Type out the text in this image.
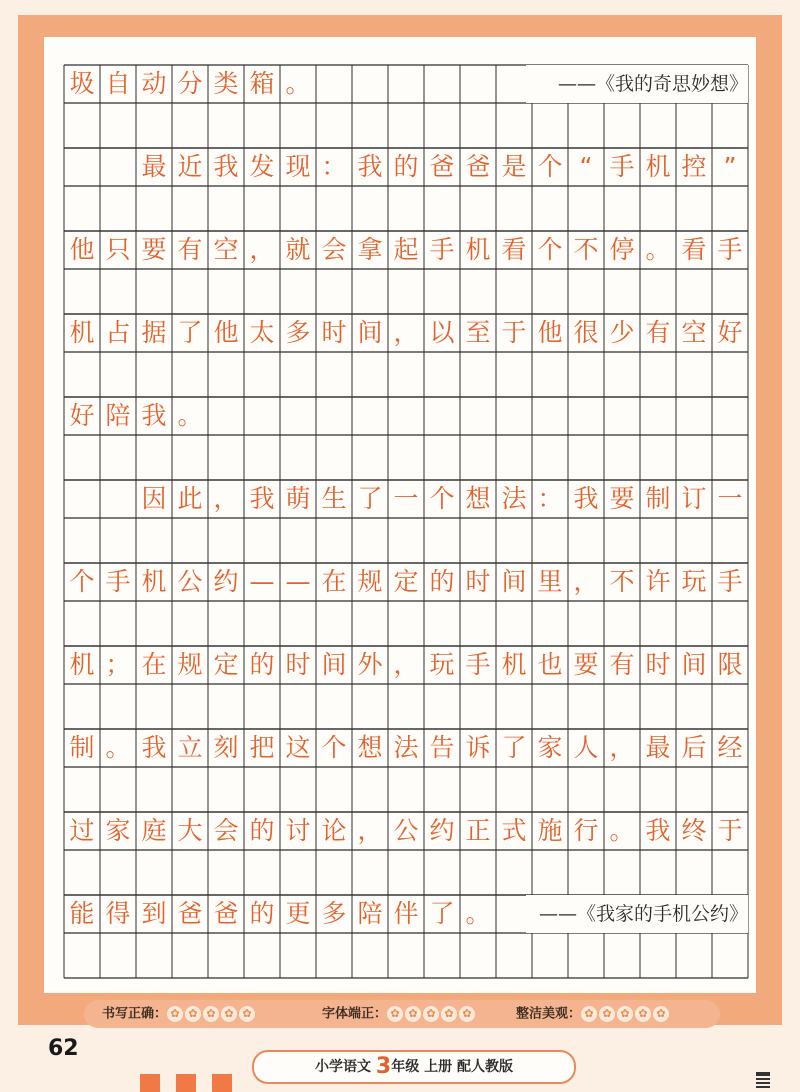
圾 自 动 分 类 箱 。
最 近 我 发 现 ： 我 的 爸 爸 是 个 “ 手 机 控 ”
他 只 要 有 空 ， 就 会 拿 起 手 机 看 个 不 停 。 看 手
机 占 据 了 他 太 多 时 间 ， 以 至 于 他 很 少 有 空 好
好 陪 我 。
因 此 ， 我 萌 生 了 一 个 想 法 ： 我 要 制 订 一
个 手 机 公 约 — — 在 规 定 的 时 间 里 ， 不 许 玩 手
机 ； 在 规 定 的 时 间 外 ， 玩 手 机 也 要 有 时 间 限
制 。 我 立 刻 把 这 个 想 法 告 诉 了 家 人 ， 最 后 经
过 家 庭 大 会 的 讨 论 ， 公 约 正 式 施 行 。 我 终 于
能 得 到 爸 爸 的 更 多 陪 伴 了 。
——《我的奇思妙想》
——《我家的手机公约》
书写正确： ✿ ✿ ✿ ✿ ✿	字体端正： ✿ ✿ ✿ ✿ ✿	整洁美观： ✿ ✿ ✿ ✿ ✿
62
小学语文 3年级 上册 配人教版
